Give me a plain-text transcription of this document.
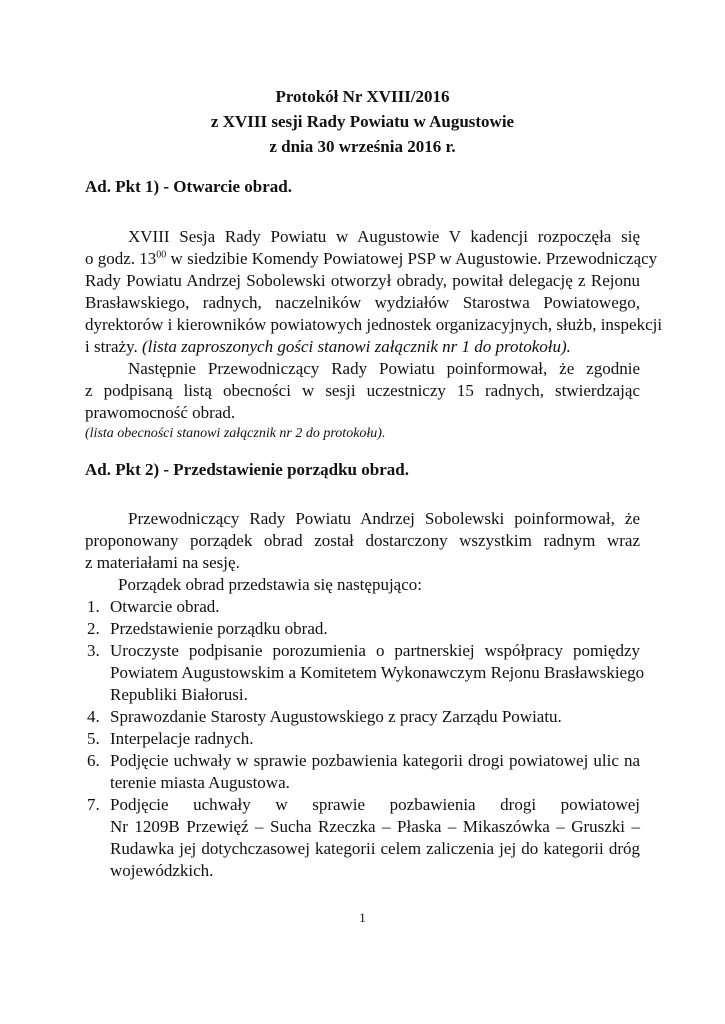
Protokół Nr XVIII/2016
z XVIII sesji Rady Powiatu w Augustowie
z dnia 30 września 2016 r.
Ad. Pkt 1) - Otwarcie obrad.
XVIII Sesja Rady Powiatu w Augustowie V kadencji rozpoczęła się
o godz. $13^{00}$ w siedzibie Komendy Powiatowej PSP w Augustowie. Przewodniczący
Rady Powiatu Andrzej Sobolewski otworzył obrady, powitał delegację z Rejonu
Brasławskiego, radnych, naczelników wydziałów Starostwa Powiatowego,
dyrektorów i kierowników powiatowych jednostek organizacyjnych, służb, inspekcji
i straży. (lista zaproszonych gości stanowi załącznik nr 1 do protokołu).
Następnie Przewodniczący Rady Powiatu poinformował, że zgodnie
z podpisaną listą obecności w sesji uczestniczy 15 radnych, stwierdzając
prawomocność obrad.
(lista obecności stanowi załącznik nr 2 do protokołu).
Ad. Pkt 2) - Przedstawienie porządku obrad.
Przewodniczący Rady Powiatu Andrzej Sobolewski poinformował, że
proponowany porządek obrad został dostarczony wszystkim radnym wraz
z materiałami na sesję.
Porządek obrad przedstawia się następująco:
1. Otwarcie obrad.
2. Przedstawienie porządku obrad.
3. Uroczyste podpisanie porozumienia o partnerskiej współpracy pomiędzy
Powiatem Augustowskim a Komitetem Wykonawczym Rejonu Brasławskiego
Republiki Białorusi.
4. Sprawozdanie Starosty Augustowskiego z pracy Zarządu Powiatu.
5. Interpelacje radnych.
6. Podjęcie uchwały w sprawie pozbawienia kategorii drogi powiatowej ulic na
terenie miasta Augustowa.
7. Podjęcie uchwały w sprawie pozbawienia drogi powiatowej
Nr 1209B Przewięź – Sucha Rzeczka – Płaska – Mikaszówka – Gruszki –
Rudawka jej dotychczasowej kategorii celem zaliczenia jej do kategorii dróg
wojewódzkich.
1
